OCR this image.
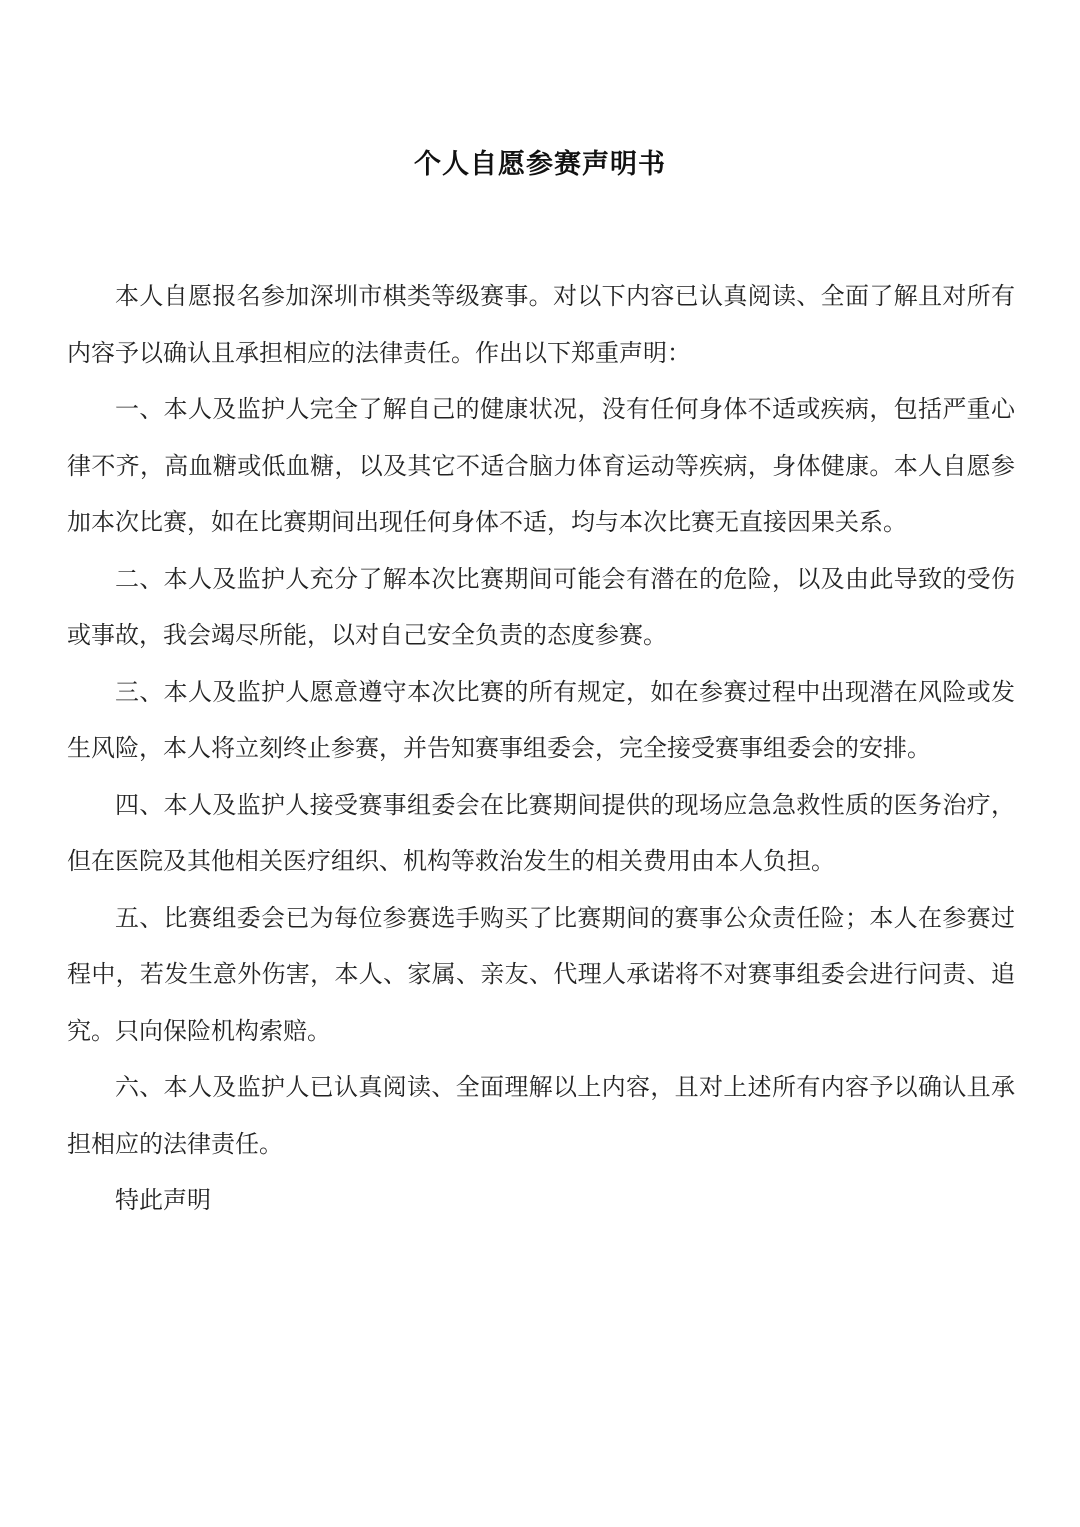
个人自愿参赛声明书

本人自愿报名参加深圳市棋类等级赛事。对以下内容已认真阅读、全面了解且对所有内容予以确认且承担相应的法律责任。作出以下郑重声明：

一、本人及监护人完全了解自己的健康状况，没有任何身体不适或疾病，包括严重心律不齐，高血糖或低血糖，以及其它不适合脑力体育运动等疾病，身体健康。本人自愿参加本次比赛，如在比赛期间出现任何身体不适，均与本次比赛无直接因果关系。

二、本人及监护人充分了解本次比赛期间可能会有潜在的危险，以及由此导致的受伤或事故，我会竭尽所能，以对自己安全负责的态度参赛。

三、本人及监护人愿意遵守本次比赛的所有规定，如在参赛过程中出现潜在风险或发生风险，本人将立刻终止参赛，并告知赛事组委会，完全接受赛事组委会的安排。

四、本人及监护人接受赛事组委会在比赛期间提供的现场应急急救性质的医务治疗，但在医院及其他相关医疗组织、机构等救治发生的相关费用由本人负担。

五、比赛组委会已为每位参赛选手购买了比赛期间的赛事公众责任险；本人在参赛过程中，若发生意外伤害，本人、家属、亲友、代理人承诺将不对赛事组委会进行问责、追究。只向保险机构索赔。

六、本人及监护人已认真阅读、全面理解以上内容，且对上述所有内容予以确认且承担相应的法律责任。

特此声明
